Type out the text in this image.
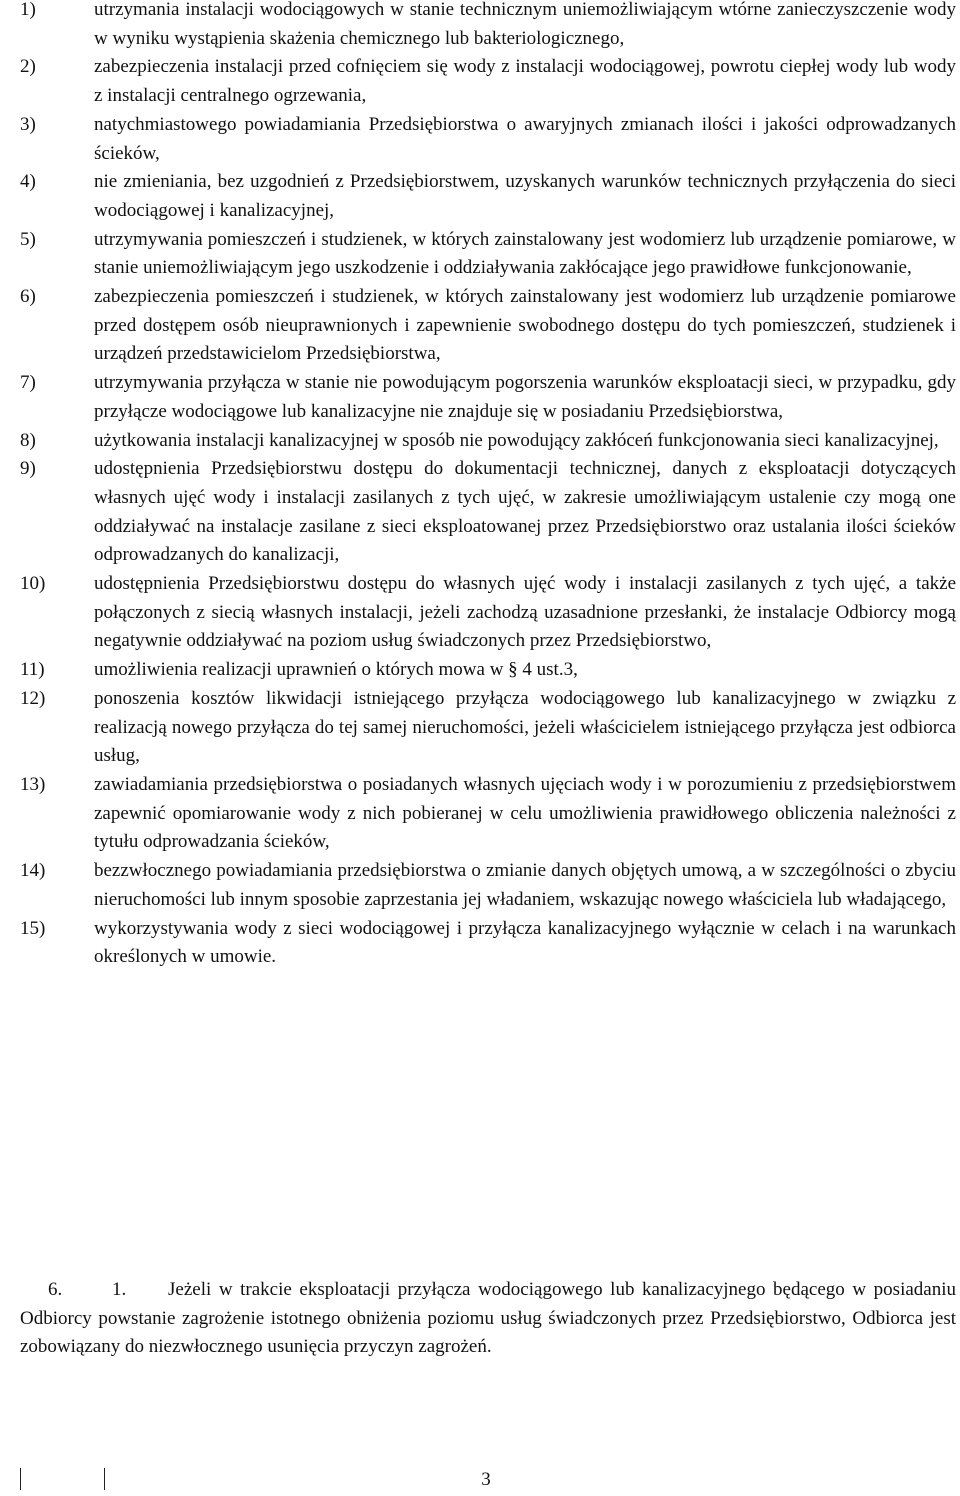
1)	utrzymania instalacji wodociągowych w stanie technicznym uniemożliwiającym wtórne zanieczyszczenie wody w wyniku wystąpienia skażenia chemicznego lub bakteriologicznego,
2)	zabezpieczenia instalacji przed cofnięciem się wody z instalacji wodociągowej, powrotu ciepłej wody lub wody z instalacji centralnego ogrzewania,
3)	natychmiastowego powiadamiania Przedsiębiorstwa o awaryjnych zmianach ilości i jakości odprowadzanych ścieków,
4)	nie zmieniania, bez uzgodnień z Przedsiębiorstwem, uzyskanych warunków technicznych przyłączenia do sieci wodociągowej i kanalizacyjnej,
5)	utrzymywania pomieszczeń i studzienek, w których zainstalowany jest wodomierz lub urządzenie pomiarowe, w stanie uniemożliwiającym jego uszkodzenie i oddziaływania zakłócające jego prawidłowe funkcjonowanie,
6)	zabezpieczenia pomieszczeń i studzienek, w których zainstalowany jest wodomierz lub urządzenie pomiarowe przed dostępem osób nieuprawnionych i zapewnienie swobodnego dostępu do tych pomieszczeń, studzienek i urządzeń przedstawicielom Przedsiębiorstwa,
7)	utrzymywania przyłącza w stanie nie powodującym pogorszenia warunków eksploatacji sieci, w przypadku, gdy przyłącze wodociągowe lub kanalizacyjne nie znajduje się w posiadaniu Przedsiębiorstwa,
8)	użytkowania instalacji kanalizacyjnej w sposób nie powodujący zakłóceń funkcjonowania sieci kanalizacyjnej,
9)	udostępnienia Przedsiębiorstwu dostępu do dokumentacji technicznej, danych z eksploatacji dotyczących własnych ujęć wody i instalacji zasilanych z tych ujęć, w zakresie umożliwiającym ustalenie czy mogą one oddziaływać na instalacje zasilane z sieci eksploatowanej przez Przedsiębiorstwo oraz ustalania ilości ścieków odprowadzanych do kanalizacji,
10)	udostępnienia Przedsiębiorstwu dostępu do własnych ujęć wody i instalacji zasilanych z tych ujęć, a także połączonych z siecią własnych instalacji, jeżeli zachodzą uzasadnione przesłanki, że instalacje Odbiorcy mogą negatywnie oddziaływać na poziom usług świadczonych przez Przedsiębiorstwo,
11)	umożliwienia realizacji uprawnień o których mowa w § 4 ust.3,
12)	ponoszenia kosztów likwidacji istniejącego przyłącza wodociągowego lub kanalizacyjnego w związku z realizacją nowego przyłącza do tej samej nieruchomości, jeżeli właścicielem istniejącego przyłącza jest odbiorca usług,
13)	zawiadamiania przedsiębiorstwa o posiadanych własnych ujęciach wody i w porozumieniu z przedsiębiorstwem zapewnić opomiarowanie wody z nich pobieranej w celu umożliwienia prawidłowego obliczenia należności z tytułu odprowadzania ścieków,
14)	bezzwłocznego powiadamiania przedsiębiorstwa o zmianie danych objętych umową, a w szczególności o zbyciu nieruchomości lub innym sposobie zaprzestania jej władaniem, wskazując nowego właściciela lub władającego,
15)	wykorzystywania wody z sieci wodociągowej i przyłącza kanalizacyjnego wyłącznie w celach i na warunkach określonych w umowie.

6.	1. Jeżeli w trakcie eksploatacji przyłącza wodociągowego lub kanalizacyjnego będącego w posiadaniu Odbiorcy powstanie zagrożenie istotnego obniżenia poziomu usług świadczonych przez Przedsiębiorstwo, Odbiorca jest zobowiązany do niezwłocznego usunięcia przyczyn zagrożeń.

3
